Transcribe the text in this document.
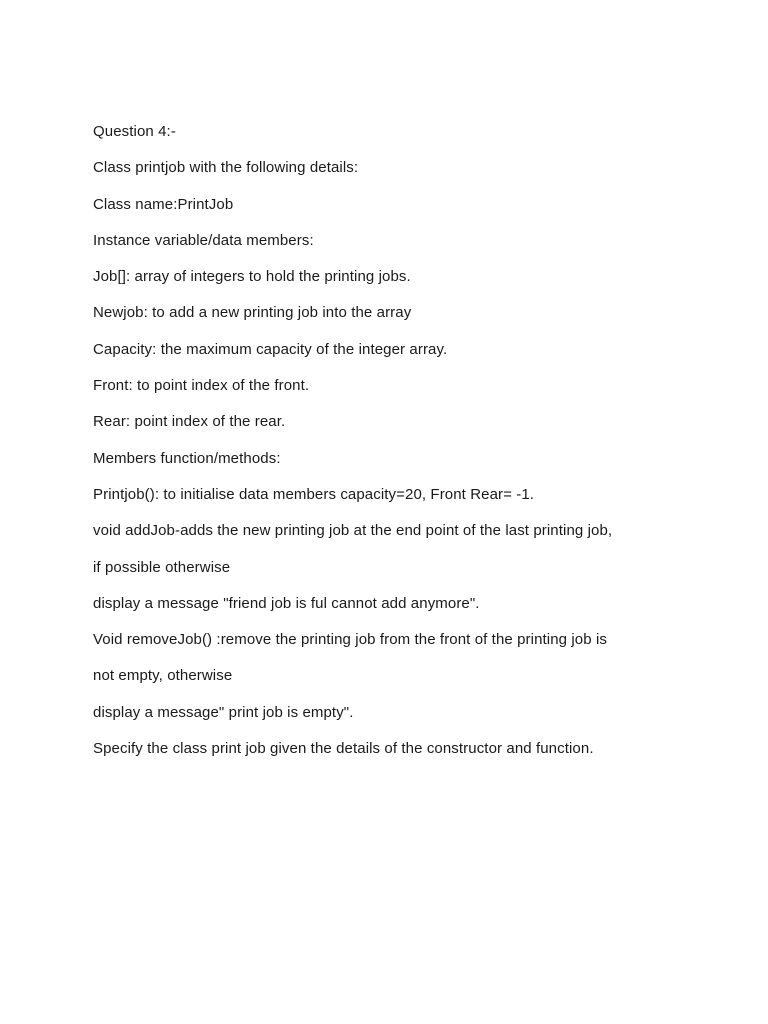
Question 4:-
Class printjob with the following details:
Class name:PrintJob
Instance variable/data members:
Job[]: array of integers to hold the printing jobs.
Newjob: to add a new printing job into the array
Capacity: the maximum capacity of the integer array.
Front: to point index of the front.
Rear: point index of the rear.
Members function/methods:
Printjob(): to initialise data members capacity=20, Front Rear= -1.
void addJob-adds the new printing job at the end point of the last printing job,
if possible otherwise
display a message "friend job is ful cannot add anymore".
Void removeJob() :remove the printing job from the front of the printing job is
not empty, otherwise
display a message" print job is empty".
Specify the class print job given the details of the constructor and function.
